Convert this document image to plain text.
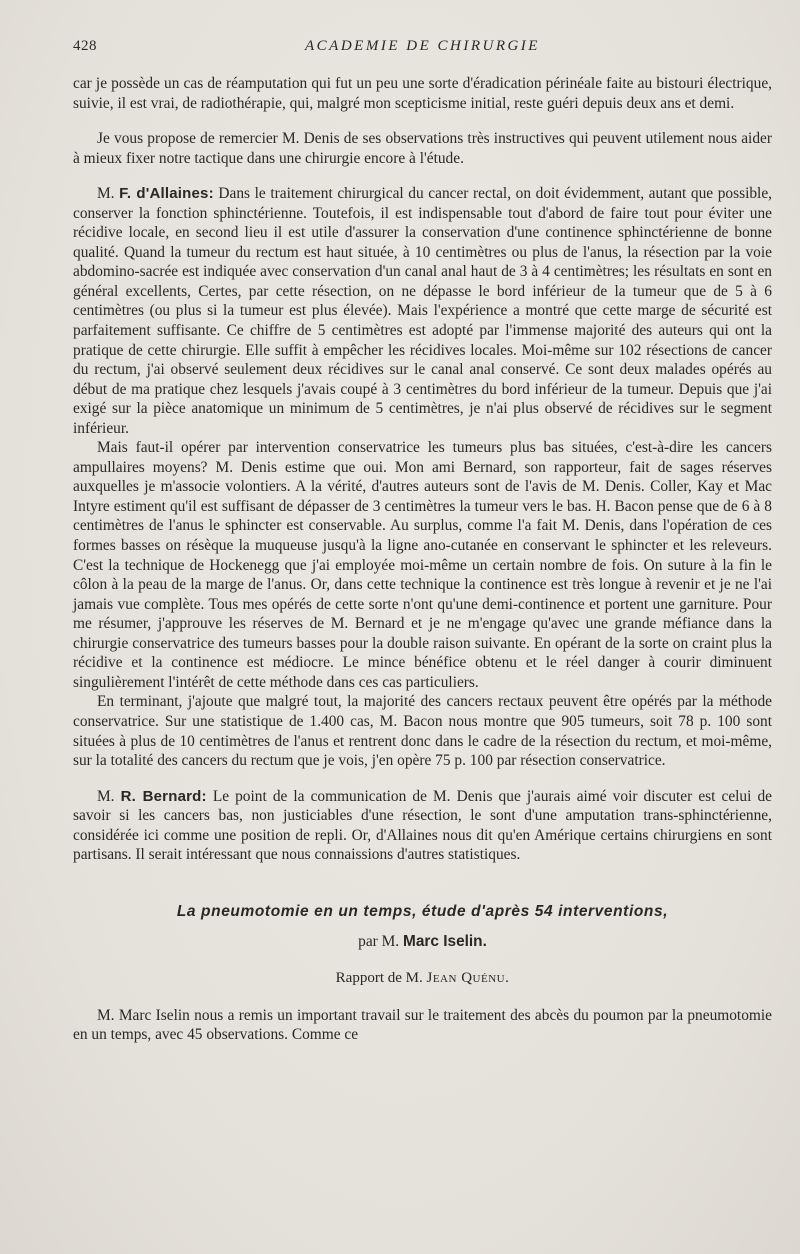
428	ACADEMIE DE CHIRURGIE

car je possède un cas de réamputation qui fut un peu une sorte d'éradication périnéale faite au bistouri électrique, suivie, il est vrai, de radiothérapie, qui, malgré mon scepticisme initial, reste guéri depuis deux ans et demi.

Je vous propose de remercier M. Denis de ses observations très instructives qui peuvent utilement nous aider à mieux fixer notre tactique dans une chirurgie encore à l'étude.

M. F. d'Allaines: Dans le traitement chirurgical du cancer rectal, on doit évidemment, autant que possible, conserver la fonction sphinctérienne. Toutefois, il est indispensable tout d'abord de faire tout pour éviter une récidive locale, en second lieu il est utile d'assurer la conservation d'une continence sphinctérienne de bonne qualité. Quand la tumeur du rectum est haut située, à 10 centimètres ou plus de l'anus, la résection par la voie abdomino-sacrée est indiquée avec conservation d'un canal anal haut de 3 à 4 centimètres; les résultats en sont en général excellents, Certes, par cette résection, on ne dépasse le bord inférieur de la tumeur que de 5 à 6 centimètres (ou plus si la tumeur est plus élevée). Mais l'expérience a montré que cette marge de sécurité est parfaitement suffisante. Ce chiffre de 5 centimètres est adopté par l'immense majorité des auteurs qui ont la pratique de cette chirurgie. Elle suffit à empêcher les récidives locales. Moi-même sur 102 résections de cancer du rectum, j'ai observé seulement deux récidives sur le canal anal conservé. Ce sont deux malades opérés au début de ma pratique chez lesquels j'avais coupé à 3 centimètres du bord inférieur de la tumeur. Depuis que j'ai exigé sur la pièce anatomique un minimum de 5 centimètres, je n'ai plus observé de récidives sur le segment inférieur.

Mais faut-il opérer par intervention conservatrice les tumeurs plus bas situées, c'est-à-dire les cancers ampullaires moyens? M. Denis estime que oui. Mon ami Bernard, son rapporteur, fait de sages réserves auxquelles je m'associe volontiers. A la vérité, d'autres auteurs sont de l'avis de M. Denis. Coller, Kay et Mac Intyre estiment qu'il est suffisant de dépasser de 3 centimètres la tumeur vers le bas. H. Bacon pense que de 6 à 8 centimètres de l'anus le sphincter est conservable. Au surplus, comme l'a fait M. Denis, dans l'opération de ces formes basses on résèque la muqueuse jusqu'à la ligne ano-cutanée en conservant le sphincter et les releveurs. C'est la technique de Hockenegg que j'ai employée moi-même un certain nombre de fois. On suture à la fin le côlon à la peau de la marge de l'anus. Or, dans cette technique la continence est très longue à revenir et je ne l'ai jamais vue complète. Tous mes opérés de cette sorte n'ont qu'une demi-continence et portent une garniture. Pour me résumer, j'approuve les réserves de M. Bernard et je ne m'engage qu'avec une grande méfiance dans la chirurgie conservatrice des tumeurs basses pour la double raison suivante. En opérant de la sorte on craint plus la récidive et la continence est médiocre. Le mince bénéfice obtenu et le réel danger à courir diminuent singulièrement l'intérêt de cette méthode dans ces cas particuliers.

En terminant, j'ajoute que malgré tout, la majorité des cancers rectaux peuvent être opérés par la méthode conservatrice. Sur une statistique de 1.400 cas, M. Bacon nous montre que 905 tumeurs, soit 78 p. 100 sont situées à plus de 10 centimètres de l'anus et rentrent donc dans le cadre de la résection du rectum, et moi-même, sur la totalité des cancers du rectum que je vois, j'en opère 75 p. 100 par résection conservatrice.

M. R. Bernard: Le point de la communication de M. Denis que j'aurais aimé voir discuter est celui de savoir si les cancers bas, non justiciables d'une résection, le sont d'une amputation trans-sphinctérienne, considérée ici comme une position de repli. Or, d'Allaines nous dit qu'en Amérique certains chirurgiens en sont partisans. Il serait intéressant que nous connaissions d'autres statistiques.

La pneumotomie en un temps, étude d'après 54 interventions,

par M. Marc Iselin.

Rapport de M. Jean Quénu.

M. Marc Iselin nous a remis un important travail sur le traitement des abcès du poumon par la pneumotomie en un temps, avec 45 observations. Comme ce
